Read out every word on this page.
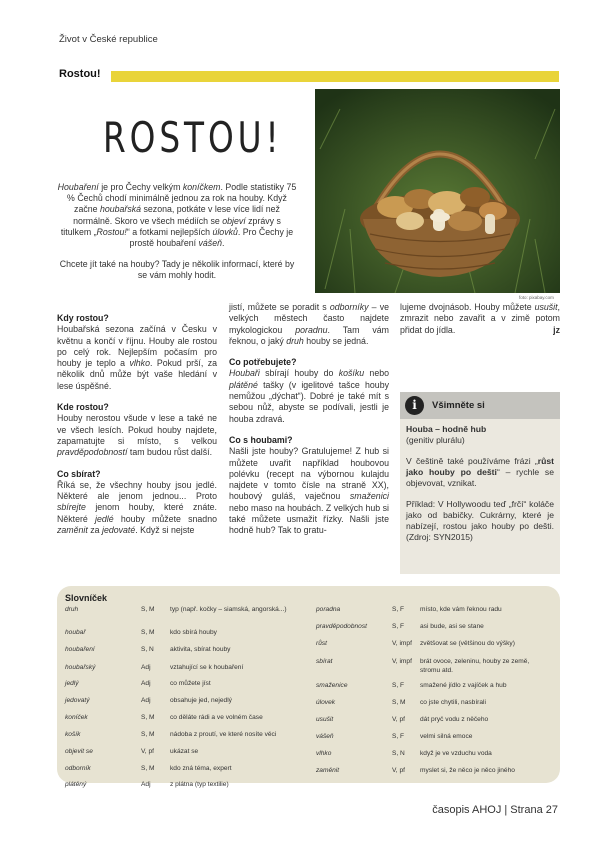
Život v České republice
Rostou!
ROSTOU!

Houbaření je pro Čechy velkým koníčkem. Podle statistiky 75 % Čechů chodí minimálně jednou za rok na houby. Když začne houbařská sezona, potkáte v lese více lidí než normálně. Skoro ve všech médiích se objeví zprávy s titulkem „Rostou!“ a fotkami nejlepších úlovků. Pro Čechy je prostě houbaření vášeň.

Chcete jít také na houby? Tady je několik informací, které by se vám mohly hodit.

foto: pixabay.com
Kdy rostou?

Houbařská sezona začíná v Česku v květnu a končí v říjnu. Houby ale rostou po celý rok. Nejlepším počasím pro houby je teplo a vlhko. Pokud prší, za několik dnů může být vaše hledání v lese úspěšné.

Kde rostou?

Houby nerostou všude v lese a také ne ve všech lesích. Pokud houby najdete, zapamatujte si místo, s velkou pravděpodobností tam budou růst další.

Co sbírat?

Říká se, že všechny houby jsou jedlé. Některé ale jenom jednou... Proto sbírejte jenom houby, které znáte. Některé jedlé houby můžete snadno zaměnit za jedovaté. Když si nejste

jistí, můžete se poradit s odborníky – ve velkých městech často najdete mykologickou poradnu. Tam vám řeknou, o jaký druh houby se jedná.

Co potřebujete?

Houbaři sbírají houby do košíku nebo plátěné tašky (v igelitové tašce houby nemůžou „dýchat“). Dobré je také mít s sebou nůž, abyste se podívali, jestli je houba zdravá.

Co s houbami?

Našli jste houby? Gratulujeme! Z hub si můžete uvařit například houbovou polévku (recept na výbornou kulajdu najdete v tomto čísle na straně XX), houbový guláš, vaječnou smaženici nebo maso na houbách. Z velkých hub si také můžete usmažit řízky. Našli jste hodně hub? Tak to gratu-

lujeme dvojnásob. Houby můžete usušit, zmrazit nebo zavařit a v zimě potom přidat do jídla.	jz

i	Všimněte si

Houba – hodně hub
(genitiv plurálu)

V češtině také používáme frázi „růst jako houby po dešti“ – rychle se objevovat, vznikat.

Příklad: V Hollywoodu teď „frčí“ koláče jako od babičky. Cukrárny, které je nabízejí, rostou jako houby po dešti. (Zdroj: SYN2015)

Slovníček
druh	S, M typ (např. kočky – siamská, angorská...)
houbař	S, M kdo sbírá houby
houbaření	S, N aktivita, sbírat houby
houbařský	Adj	vztahující se k houbaření
jedlý	Adj	co můžete jíst
jedovatý	Adj	obsahuje jed, nejedlý
koníček	S, M co děláte rádi a ve volném čase
košík	S, M nádoba z proutí, ve které nosíte věci
objevit se	V, pf ukázat se
odborník	S, M kdo zná téma, expert
plátěný	Adj	z plátna (typ textilie)
poradna	S, F místo, kde vám řeknou radu
pravděpodobnost	S, F asi bude, asi se stane
růst	V, impf zvětšovat se (většinou do výšky)
sbírat	V, impf brát ovoce, zeleninu, houby ze země, stromu atd.
smaženice	S, F smažené jídlo z vajíček a hub
úlovek	S, M co jste chytili, nasbírali
usušit	V, pf dát pryč vodu z něčeho
vášeň	S, F velmi silná emoce
vlhko	S, N když je ve vzduchu voda
zaměnit	V, pf myslet si, že něco je něco jiného
časopis AHOJ | Strana 27
